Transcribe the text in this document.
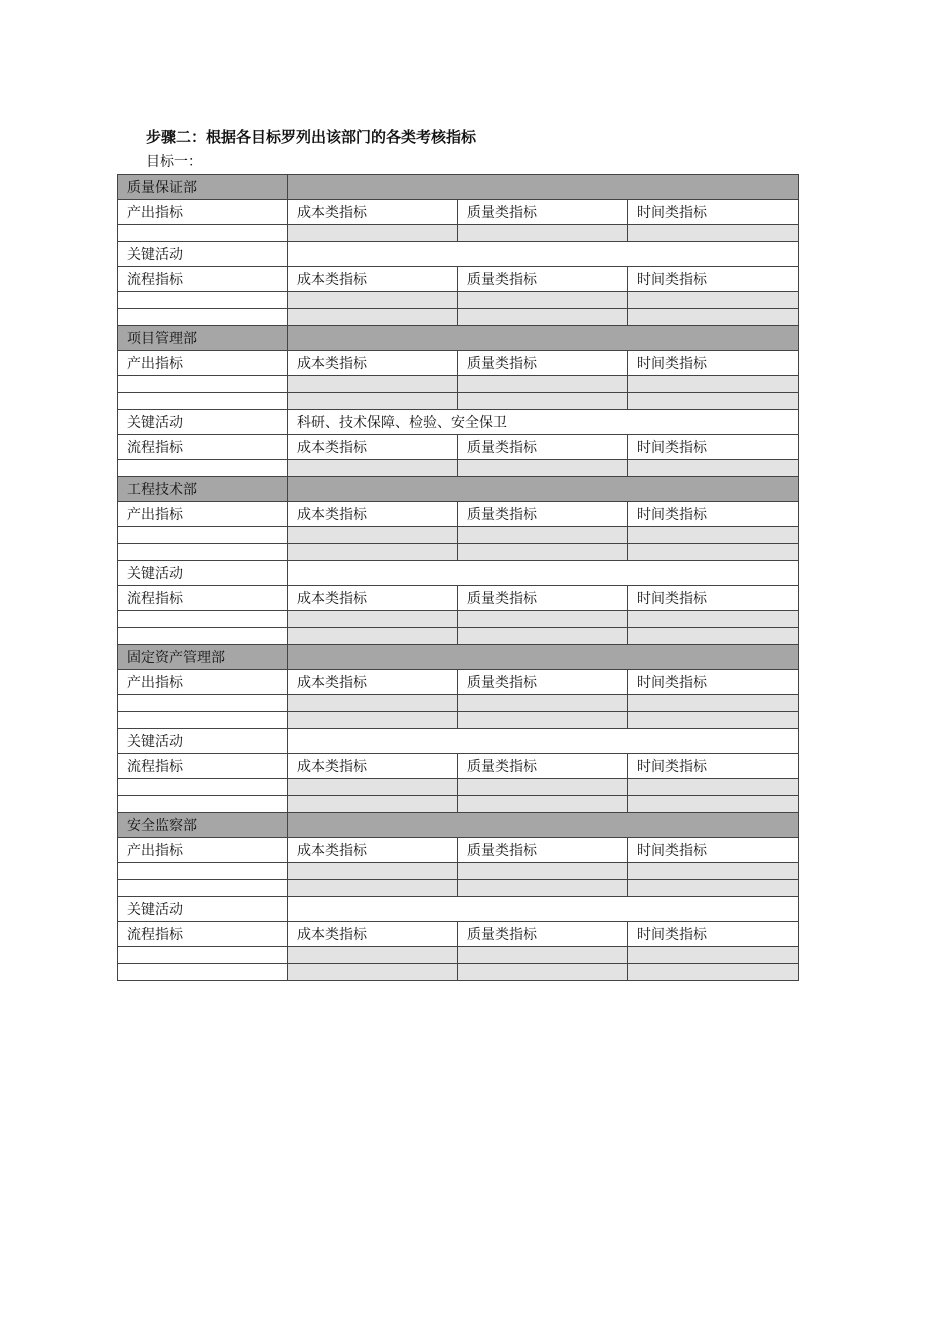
步骤二：根据各目标罗列出该部门的各类考核指标
目标一：
质量保证部			
产出指标	成本类指标	质量类指标	时间类指标

关键活动			
流程指标	成本类指标	质量类指标	时间类指标

项目管理部			
产出指标	成本类指标	质量类指标	时间类指标

关键活动	科研、技术保障、检验、安全保卫		
流程指标	成本类指标	质量类指标	时间类指标

工程技术部			
产出指标	成本类指标	质量类指标	时间类指标

关键活动			
流程指标	成本类指标	质量类指标	时间类指标

固定资产管理部			
产出指标	成本类指标	质量类指标	时间类指标

关键活动			
流程指标	成本类指标	质量类指标	时间类指标

安全监察部			
产出指标	成本类指标	质量类指标	时间类指标

关键活动			
流程指标	成本类指标	质量类指标	时间类指标
